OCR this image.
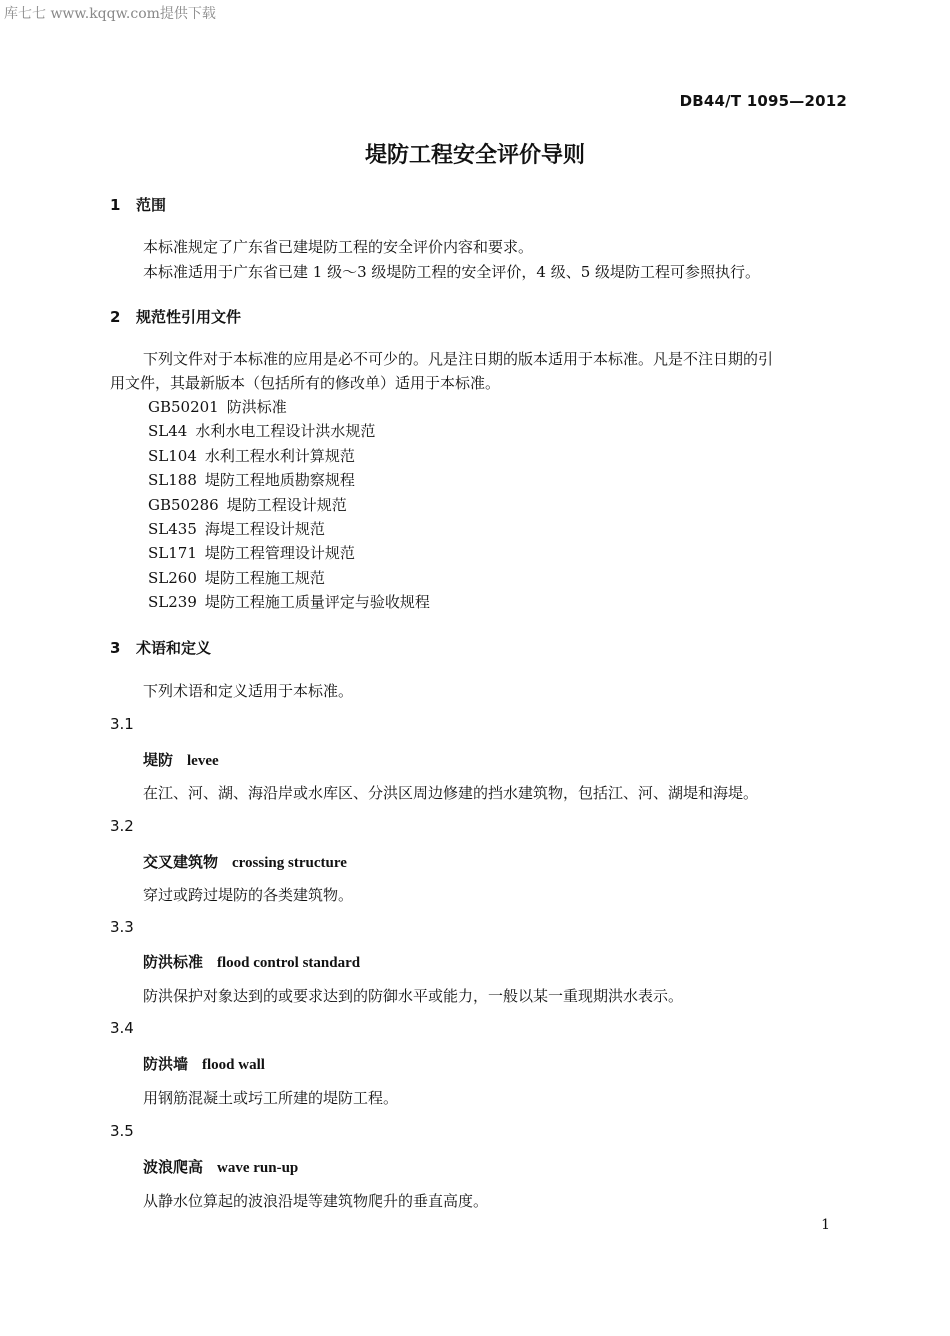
库七七 www.kqqw.com提供下载
DB44/T 1095—2012
堤防工程安全评价导则
1 范围
本标准规定了广东省已建堤防工程的安全评价内容和要求。
本标准适用于广东省已建 1 级～3 级堤防工程的安全评价，4 级、5 级堤防工程可参照执行。
2 规范性引用文件
下列文件对于本标准的应用是必不可少的。凡是注日期的版本适用于本标准。凡是不注日期的引
用文件，其最新版本（包括所有的修改单）适用于本标准。
GB50201 防洪标准
SL44 水利水电工程设计洪水规范
SL104 水利工程水利计算规范
SL188 堤防工程地质勘察规程
GB50286 堤防工程设计规范
SL435 海堤工程设计规范
SL171 堤防工程管理设计规范
SL260 堤防工程施工规范
SL239 堤防工程施工质量评定与验收规程
3 术语和定义
下列术语和定义适用于本标准。
3.1
堤防 levee
在江、河、湖、海沿岸或水库区、分洪区周边修建的挡水建筑物，包括江、河、湖堤和海堤。
3.2
交叉建筑物 crossing structure
穿过或跨过堤防的各类建筑物。
3.3
防洪标准 flood control standard
防洪保护对象达到的或要求达到的防御水平或能力，一般以某一重现期洪水表示。
3.4
防洪墙 flood wall
用钢筋混凝土或圬工所建的堤防工程。
3.5
波浪爬高 wave run-up
从静水位算起的波浪沿堤等建筑物爬升的垂直高度。
1
